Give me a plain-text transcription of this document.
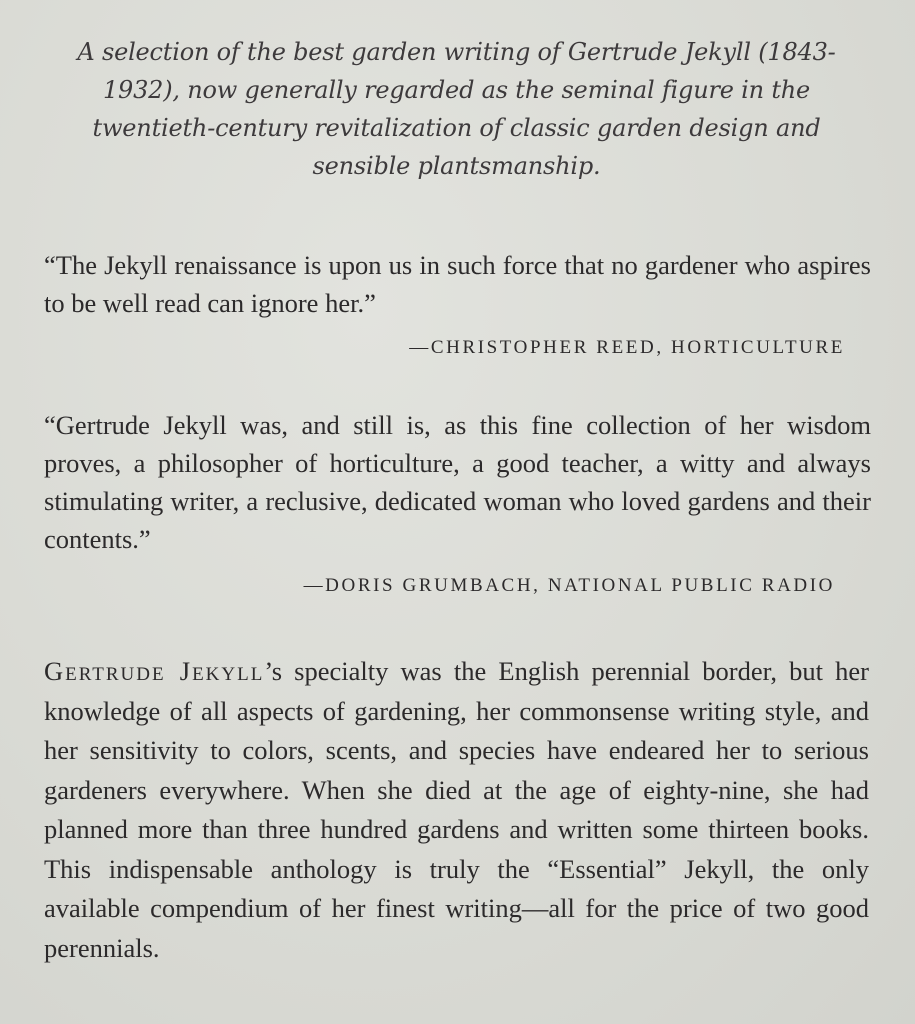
A selection of the best garden writing of Gertrude Jekyll (1843-1932), now generally regarded as the seminal figure in the twentieth-century revitalization of classic garden design and sensible plantsmanship.

“The Jekyll renaissance is upon us in such force that no gardener who aspires to be well read can ignore her.”

—CHRISTOPHER REED, HORTICULTURE

“Gertrude Jekyll was, and still is, as this fine collection of her wisdom proves, a philosopher of horticulture, a good teacher, a witty and always stimulating writer, a reclusive, dedicated woman who loved gardens and their contents.”

—DORIS GRUMBACH, NATIONAL PUBLIC RADIO

Gertrude Jekyll’s specialty was the English perennial border, but her knowledge of all aspects of gardening, her commonsense writing style, and her sensitivity to colors, scents, and species have endeared her to serious gardeners everywhere. When she died at the age of eighty-nine, she had planned more than three hundred gardens and written some thirteen books. This indispensable anthology is truly the “Essential” Jekyll, the only available compendium of her finest writing—all for the price of two good perennials.
